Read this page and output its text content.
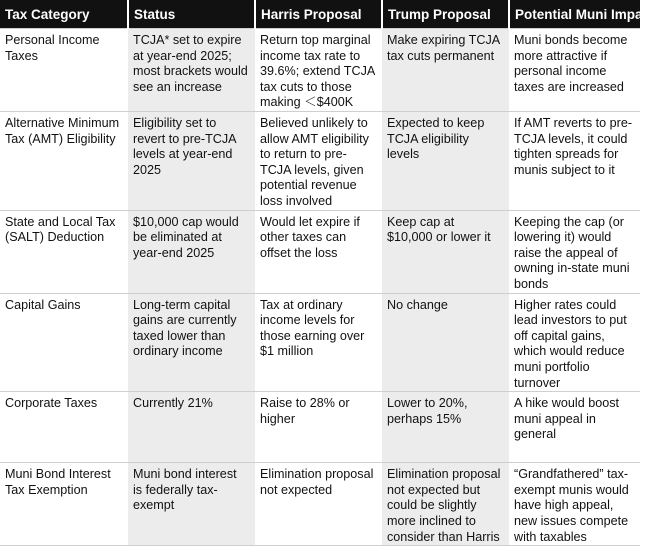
Tax Category	Status	Harris Proposal	Trump Proposal	Potential Muni Impact
Personal Income Taxes	TCJA* set to expire at year-end 2025; most brackets would see an increase	Return top marginal income tax rate to 39.6%; extend TCJA tax cuts to those making ＜$400K	Make expiring TCJA tax cuts permanent	Muni bonds become more attractive if personal income taxes are increased
Alternative Minimum Tax (AMT) Eligibility	Eligibility set to revert to pre-TCJA levels at year-end 2025	Believed unlikely to allow AMT eligibility to return to pre-TCJA levels, given potential revenue loss involved	Expected to keep TCJA eligibility levels	If AMT reverts to pre-TCJA levels, it could tighten spreads for munis subject to it
State and Local Tax (SALT) Deduction	$10,000 cap would be eliminated at year-end 2025	Would let expire if other taxes can offset the loss	Keep cap at $10,000 or lower it	Keeping the cap (or lowering it) would raise the appeal of owning in-state muni bonds
Capital Gains	Long-term capital gains are currently taxed lower than ordinary income	Tax at ordinary income levels for those earning over $1 million	No change	Higher rates could lead investors to put off capital gains, which would reduce muni portfolio turnover
Corporate Taxes	Currently 21%	Raise to 28% or higher	Lower to 20%, perhaps 15%	A hike would boost muni appeal in general
Muni Bond Interest Tax Exemption	Muni bond interest is federally tax-exempt	Elimination proposal not expected	Elimination proposal not expected but could be slightly more inclined to consider than Harris	“Grandfathered” tax-exempt munis would have high appeal, new issues compete with taxables
